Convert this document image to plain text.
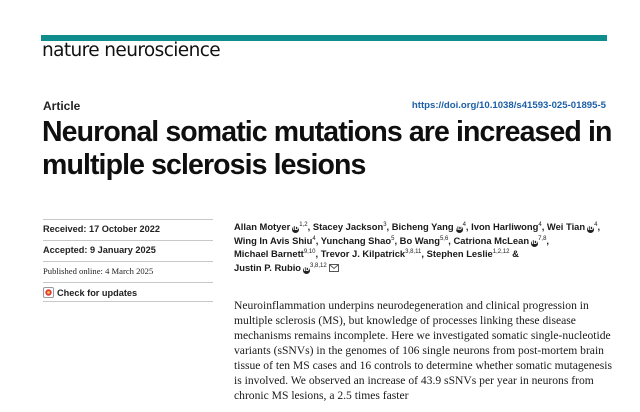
nature neuroscience
Article	https://doi.org/10.1038/s41593-025-01895-5
Neuronal somatic mutations are increased in multiple sclerosis lesions
Received: 17 October 2022
Accepted: 9 January 2025
Published online: 4 March 2025
Check for updates
Allan Motyer iD$^{1,2}$, Stacey Jackson$^3$, Bicheng Yang $iD^4$, Ivon Harliwong$^4$, Wei Tian $iD^4$, Wing In Avis Shiu$^4$, Yunchang Shao$^5$, Bo Wang$^{5,6}$, Catriona McLean iD$^{7,8}$, Michael Barnett$^{9,10}$, Trevor J. Kilpatrick$^{3,8,11}$, Stephen Leslie$^{1,2,12}$ & Justin P. Rubio iD$^{3,8,12}$

Neuroinflammation underpins neurodegeneration and clinical progression in multiple sclerosis (MS), but knowledge of processes linking these disease mechanisms remains incomplete. Here we investigated somatic single-nucleotide variants (sSNVs) in the genomes of 106 single neurons from post-mortem brain tissue of ten MS cases and 16 controls to determine whether somatic mutagenesis is involved. We observed an increase of 43.9 sSNVs per year in neurons from chronic MS lesions, a 2.5 times faster
